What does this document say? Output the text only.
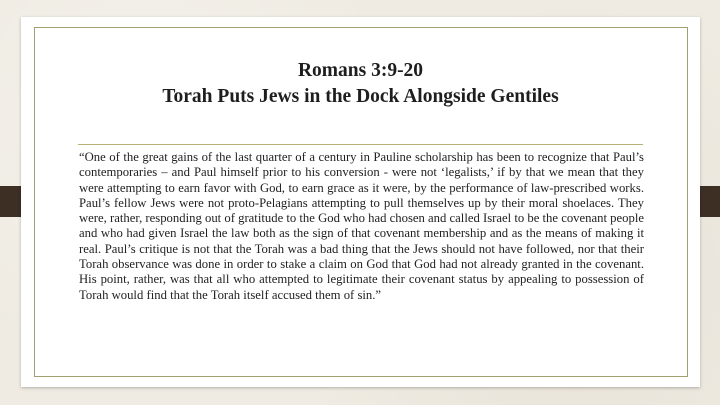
Romans 3:9-20
Torah Puts Jews in the Dock Alongside Gentiles
“One of the great gains of the last quarter of a century in Pauline scholarship has been to recognize that Paul’s contemporaries – and Paul himself prior to his conversion - were not ‘legalists,’ if by that we mean that they were attempting to earn favor with God, to earn grace as it were, by the performance of law-prescribed works. Paul’s fellow Jews were not proto-Pelagians attempting to pull themselves up by their moral shoelaces. They were, rather, responding out of gratitude to the God who had chosen and called Israel to be the covenant people and who had given Israel the law both as the sign of that covenant membership and as the means of making it real. Paul’s critique is not that the Torah was a bad thing that the Jews should not have followed, nor that their Torah observance was done in order to stake a claim on God that God had not already granted in the covenant. His point, rather, was that all who attempted to legitimate their covenant status by appealing to possession of Torah would find that the Torah itself accused them of sin.”
